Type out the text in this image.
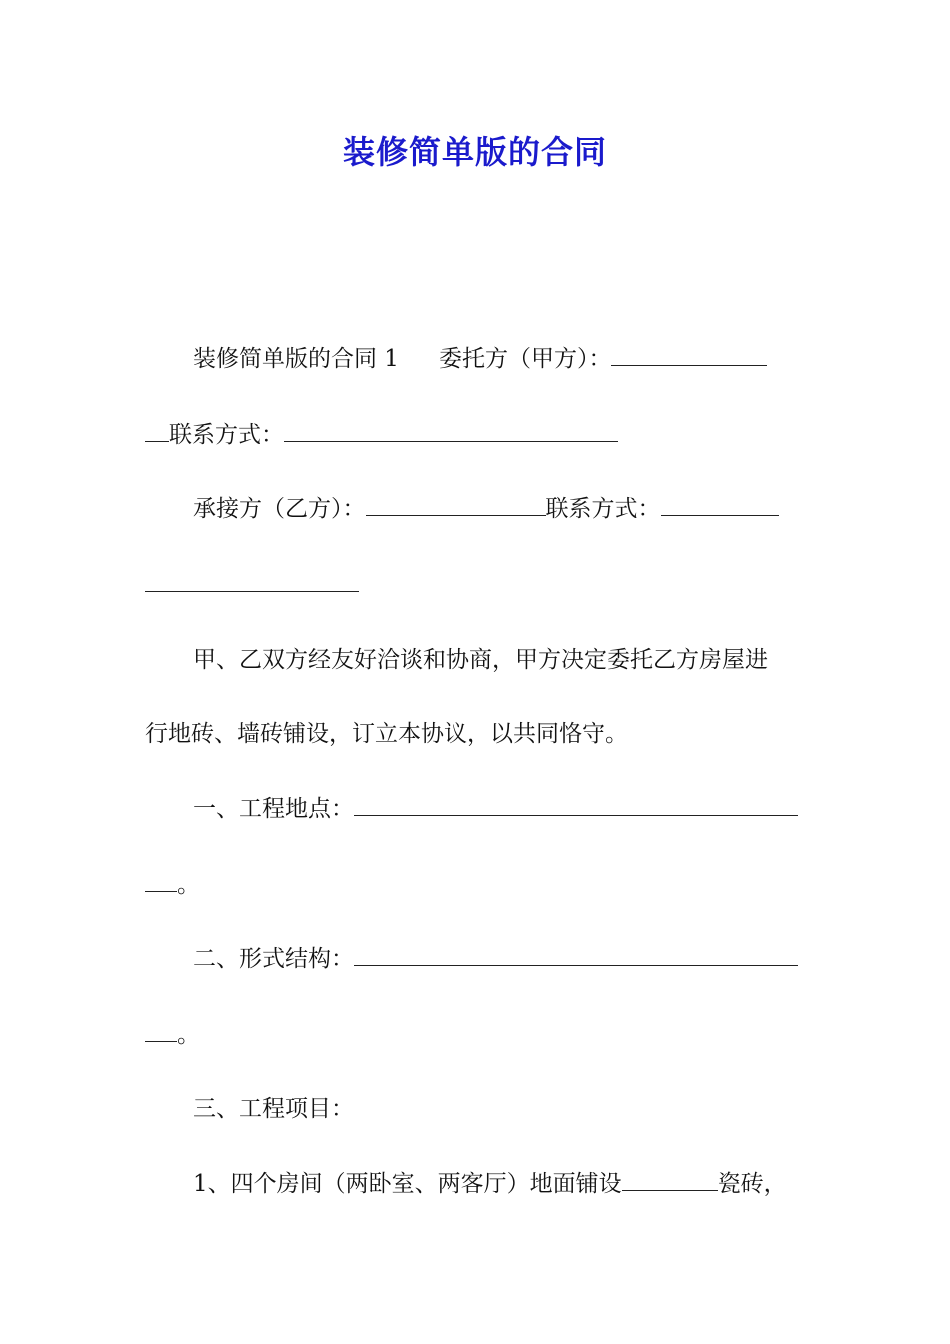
装修简单版的合同
装修简单版的合同 1 委托方（甲方）：
联系方式：
承接方（乙方）：	联系方式：
甲、乙双方经友好洽谈和协商，甲方决定委托乙方房屋进
行地砖、墙砖铺设，订立本协议，以共同恪守。
一、工程地点：
。
二、形式结构：
。
三、工程项目：
1、四个房间（两卧室、两客厅）地面铺设	瓷砖，
